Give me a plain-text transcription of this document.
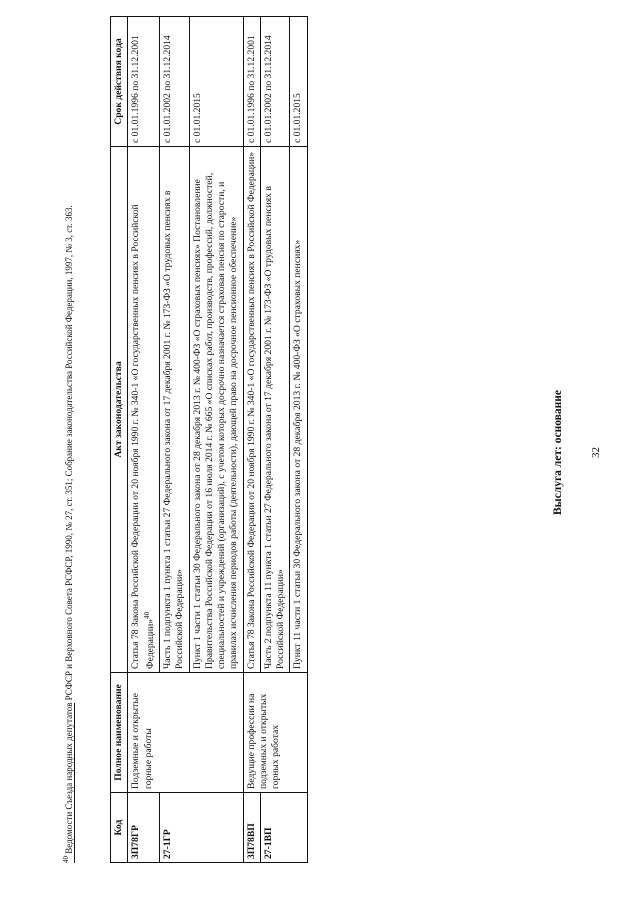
32
Выслуга лет: основание
Код	Полное наименование	Акт законодательства	Срок действия кода
3П78ГР	Подземные и открытые горные работы	Статья 78 Закона Российской Федерации от 20 ноября 1990 г. № 340-1 «О государственных пенсиях в Российской Федерации»$^{40}$	с 01.01.1996 по 31.12.2001
27-1ГР		Часть 1 подпункта 1 пункта 1 статьи 27 Федерального закона от 17 декабря 2001 г. № 173-ФЗ «О трудовых пенсиях в Российской Федерации»	с 01.01.2002 по 31.12.2014
		Пункт 1 части 1 статьи 30 Федерального закона от 28 декабря 2013 г. № 400-ФЗ «О страховых пенсиях» Постановление Правительства Российской Федерации от 16 июля 2014 г. № 665 «О списках работ, производств, профессий, должностей, специальностей и учреждений (организаций), с учетом которых досрочно назначается страховая пенсия по старости, и правилах исчисления периодов работы (деятельности), дающей право на досрочное пенсионное обеспечение»	с 01.01.2015
3П78ВП	Ведущие профессии на подземных и открытых горных работах	Статья 78 Закона Российской Федерации от 20 ноября 1990 г. № 340-1 «О государственных пенсиях в Российской Федерации»	с 01.01.1996 по 31.12.2001
27-1ВП		Часть 2 подпункта 11 пункта 1 статьи 27 Федерального закона от 17 декабря 2001 г. № 173-ФЗ «О трудовых пенсиях в Российской Федерации»	с 01.01.2002 по 31.12.2014
		Пункт 11 части 1 статьи 30 Федерального закона от 28 декабря 2013 г. № 400-ФЗ «О страховых пенсиях»	с 01.01.2015
$^{40}$ Ведомости Съезда народных депутатов РСФСР и Верховного Совета РСФСР, 1990, № 27, ст. 351; Собрание законодательства Российской Федерации, 1997, № 3, ст. 363.
